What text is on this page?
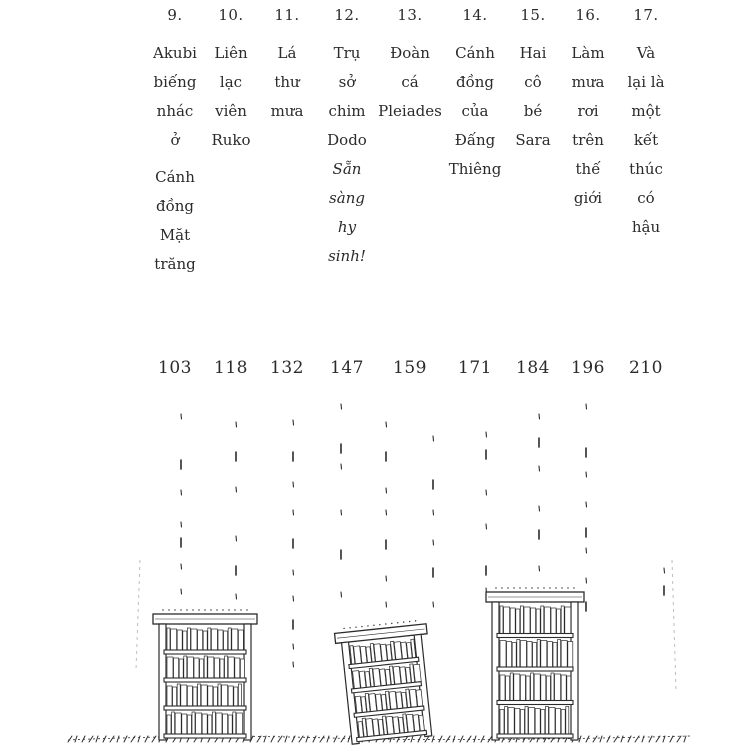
9.
Akubi
biếng
nhác
ở
Cánh
đồng
Mặt
trăng
103
10.
Liên
lạc
viên
Ruko
118
11.
Lá
thư
mưa
132
12.
Trụ
sở
chim
Dodo
Sẵn
sàng
hy
sinh!
147
13.
Đoàn
cá
Pleiades
159
14.
Cánh
đồng
của
Đấng
Thiêng
171
15.
Hai
cô
bé
Sara
184
16.
Làm
mưa
rơi
trên
thế
giới
196
17.
Và
lại là
một
kết
thúc
có
hậu
210
